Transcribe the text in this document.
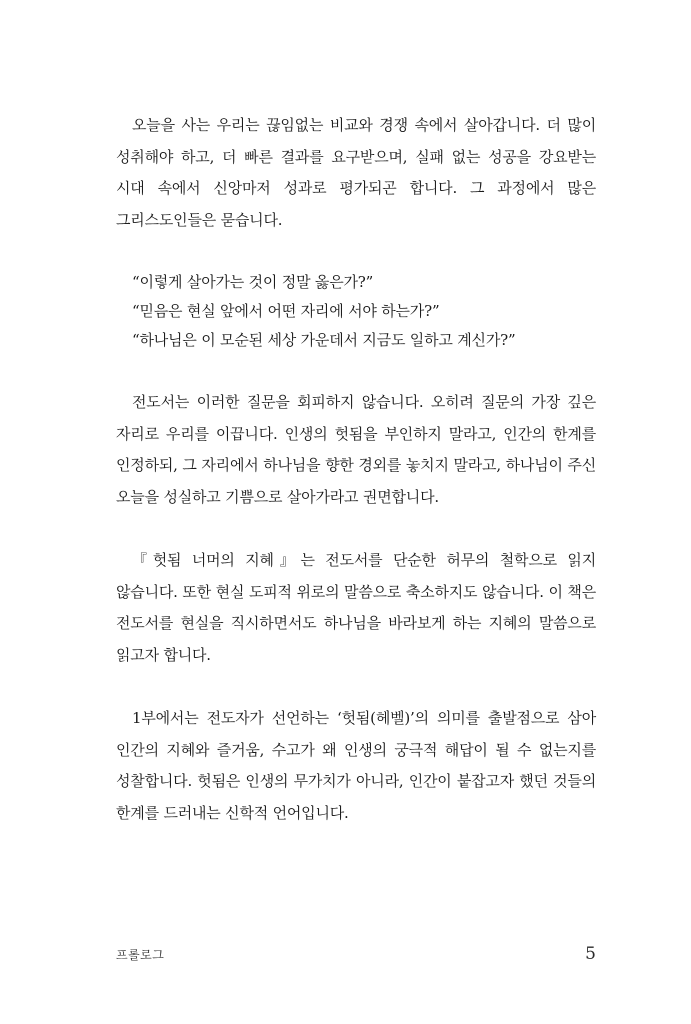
오늘을 사는 우리는 끊임없는 비교와 경쟁 속에서 살아갑니다. 더 많이 성취해야 하고, 더 빠른 결과를 요구받으며, 실패 없는 성공을 강요받는 시대 속에서 신앙마저 성과로 평가되곤 합니다. 그 과정에서 많은 그리스도인들은 묻습니다.

“이렇게 살아가는 것이 정말 옳은가?”
“믿음은 현실 앞에서 어떤 자리에 서야 하는가?”
“하나님은 이 모순된 세상 가운데서 지금도 일하고 계신가?”

전도서는 이러한 질문을 회피하지 않습니다. 오히려 질문의 가장 깊은 자리로 우리를 이끕니다. 인생의 헛됨을 부인하지 말라고, 인간의 한계를 인정하되, 그 자리에서 하나님을 향한 경외를 놓치지 말라고, 하나님이 주신 오늘을 성실하고 기쁨으로 살아가라고 권면합니다.

『헛됨 너머의 지혜』는 전도서를 단순한 허무의 철학으로 읽지 않습니다. 또한 현실 도피적 위로의 말씀으로 축소하지도 않습니다. 이 책은 전도서를 현실을 직시하면서도 하나님을 바라보게 하는 지혜의 말씀으로 읽고자 합니다.

1부에서는 전도자가 선언하는 ‘헛됨(헤벨)’의 의미를 출발점으로 삼아 인간의 지혜와 즐거움, 수고가 왜 인생의 궁극적 해답이 될 수 없는지를 성찰합니다. 헛됨은 인생의 무가치가 아니라, 인간이 붙잡고자 했던 것들의 한계를 드러내는 신학적 언어입니다.

프롤로그	5
